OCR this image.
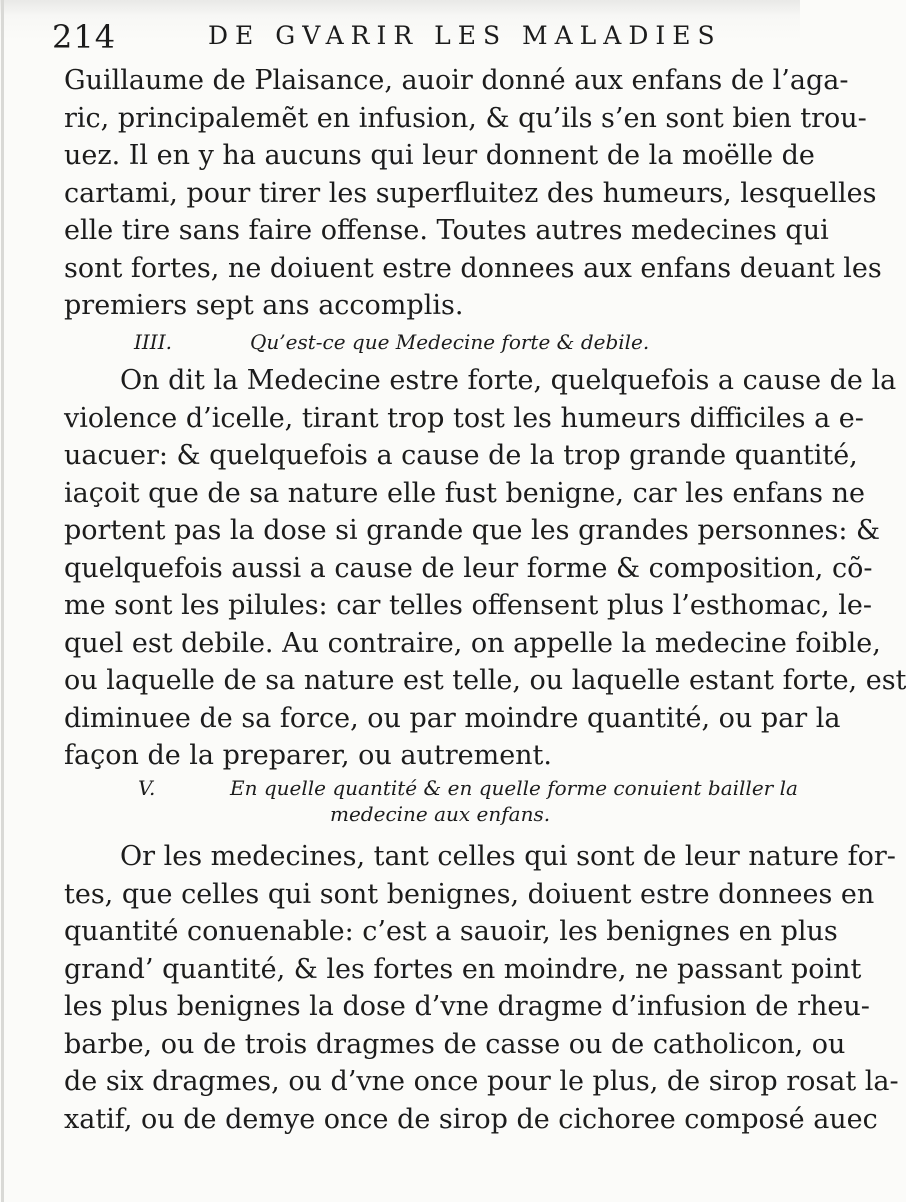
214	DE GVARIR LES MALADIES
Guillaume de Plaisance, auoir donné aux enfans de l’aga-
ric, principalemẽt en infusion, & qu’ils s’en sont bien trou-
uez. Il en y ha aucuns qui leur donnent de la moëlle de
cartami, pour tirer les superfluitez des humeurs, lesquelles
elle tire sans faire offense. Toutes autres medecines qui
sont fortes, ne doiuent estre donnees aux enfans deuant les
premiers sept ans accomplis.
IIII.	Qu’est-ce que Medecine forte & debile.
On dit la Medecine estre forte, quelquefois a cause de la
violence d’icelle, tirant trop tost les humeurs difficiles a e-
uacuer: & quelquefois a cause de la trop grande quantité,
iaçoit que de sa nature elle fust benigne, car les enfans ne
portent pas la dose si grande que les grandes personnes: &
quelquefois aussi a cause de leur forme & composition, cõ-
me sont les pilules: car telles offensent plus l’esthomac, le-
quel est debile. Au contraire, on appelle la medecine foible,
ou laquelle de sa nature est telle, ou laquelle estant forte, est
diminuee de sa force, ou par moindre quantité, ou par la
façon de la preparer, ou autrement.
V.	En quelle quantité & en quelle forme conuient bailler la
medecine aux enfans.
Or les medecines, tant celles qui sont de leur nature for-
tes, que celles qui sont benignes, doiuent estre donnees en
quantité conuenable: c’est a sauoir, les benignes en plus
grand’ quantité, & les fortes en moindre, ne passant point
les plus benignes la dose d’vne dragme d’infusion de rheu-
barbe, ou de trois dragmes de casse ou de catholicon, ou
de six dragmes, ou d’vne once pour le plus, de sirop rosat la-
xatif, ou de demye once de sirop de cichoree composé auec
